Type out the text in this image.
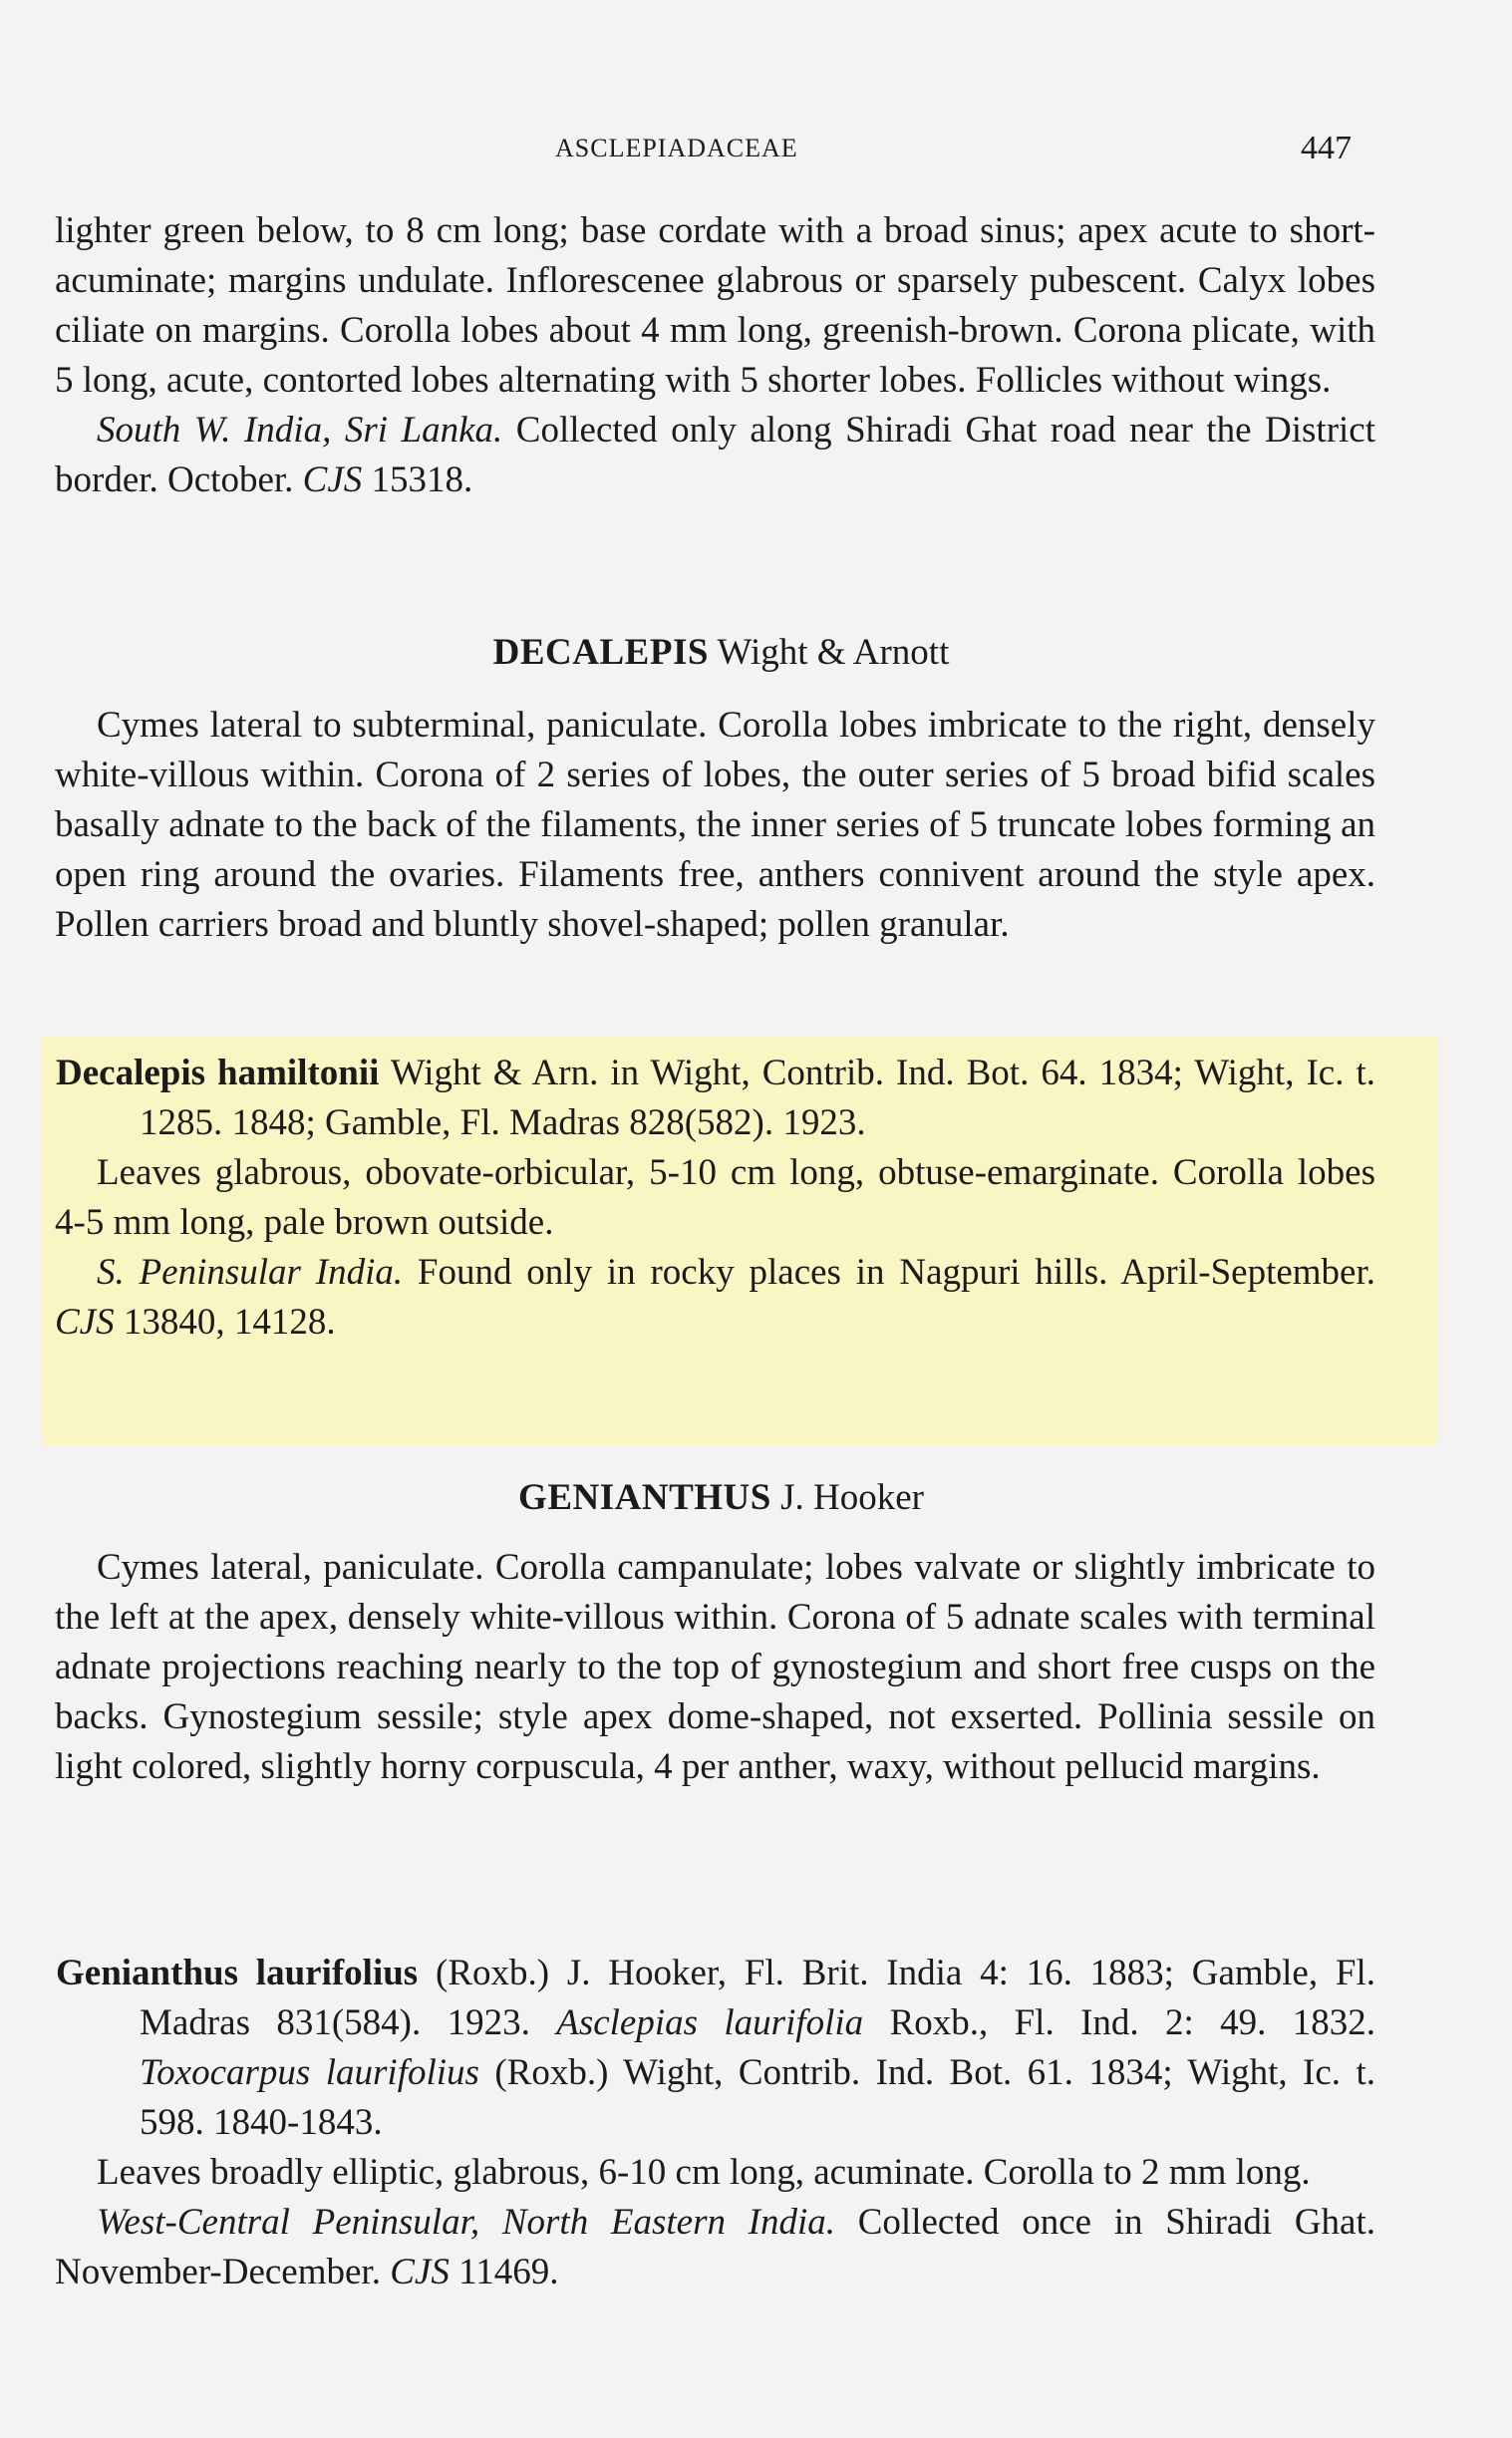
ASCLEPIADACEAE	447

lighter green below, to 8 cm long; base cordate with a broad sinus; apex acute to short-acuminate; margins undulate. Inflorescenee glabrous or sparsely pubescent. Calyx lobes ciliate on margins. Corolla lobes about 4 mm long, greenish-brown. Corona plicate, with 5 long, acute, contorted lobes alternating with 5 shorter lobes. Follicles without wings.

South W. India, Sri Lanka. Collected only along Shiradi Ghat road near the District border. October. CJS 15318.

DECALEPIS Wight & Arnott

Cymes lateral to subterminal, paniculate. Corolla lobes imbricate to the right, densely white-villous within. Corona of 2 series of lobes, the outer series of 5 broad bifid scales basally adnate to the back of the filaments, the inner series of 5 truncate lobes forming an open ring around the ovaries. Filaments free, anthers connivent around the style apex. Pollen carriers broad and bluntly shovel-shaped; pollen granular.

Decalepis hamiltonii Wight & Arn. in Wight, Contrib. Ind. Bot. 64. 1834; Wight, Ic. t. 1285. 1848; Gamble, Fl. Madras 828(582). 1923.

Leaves glabrous, obovate-orbicular, 5-10 cm long, obtuse-emarginate. Corolla lobes 4-5 mm long, pale brown outside.

S. Peninsular India. Found only in rocky places in Nagpuri hills. April-September. CJS 13840, 14128.

GENIANTHUS J. Hooker

Cymes lateral, paniculate. Corolla campanulate; lobes valvate or slightly imbricate to the left at the apex, densely white-villous within. Corona of 5 adnate scales with terminal adnate projections reaching nearly to the top of gynostegium and short free cusps on the backs. Gynostegium sessile; style apex dome-shaped, not exserted. Pollinia sessile on light colored, slightly horny corpuscula, 4 per anther, waxy, without pellucid margins.

Genianthus laurifolius (Roxb.) J. Hooker, Fl. Brit. India 4: 16. 1883; Gamble, Fl. Madras 831(584). 1923. Asclepias laurifolia Roxb., Fl. Ind. 2: 49. 1832. Toxocarpus laurifolius (Roxb.) Wight, Contrib. Ind. Bot. 61. 1834; Wight, Ic. t. 598. 1840-1843.

Leaves broadly elliptic, glabrous, 6-10 cm long, acuminate. Corolla to 2 mm long.

West-Central Peninsular, North Eastern India. Collected once in Shiradi Ghat. November-December. CJS 11469.
